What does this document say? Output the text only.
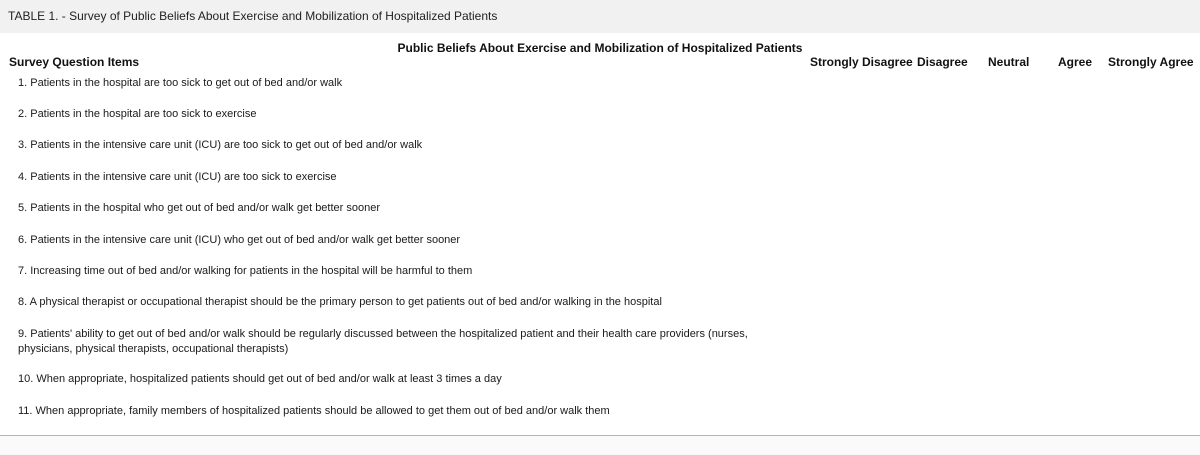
TABLE 1. - Survey of Public Beliefs About Exercise and Mobilization of Hospitalized Patients
Public Beliefs About Exercise and Mobilization of Hospitalized Patients
Survey Question Items	Strongly Disagree Disagree Neutral Agree Strongly Agree
1. Patients in the hospital are too sick to get out of bed and/or walk
2. Patients in the hospital are too sick to exercise
3. Patients in the intensive care unit (ICU) are too sick to get out of bed and/or walk
4. Patients in the intensive care unit (ICU) are too sick to exercise
5. Patients in the hospital who get out of bed and/or walk get better sooner
6. Patients in the intensive care unit (ICU) who get out of bed and/or walk get better sooner
7. Increasing time out of bed and/or walking for patients in the hospital will be harmful to them
8. A physical therapist or occupational therapist should be the primary person to get patients out of bed and/or walking in the hospital
9. Patients' ability to get out of bed and/or walk should be regularly discussed between the hospitalized patient and their health care providers (nurses, physicians, physical therapists, occupational therapists)
10. When appropriate, hospitalized patients should get out of bed and/or walk at least 3 times a day
11. When appropriate, family members of hospitalized patients should be allowed to get them out of bed and/or walk them
